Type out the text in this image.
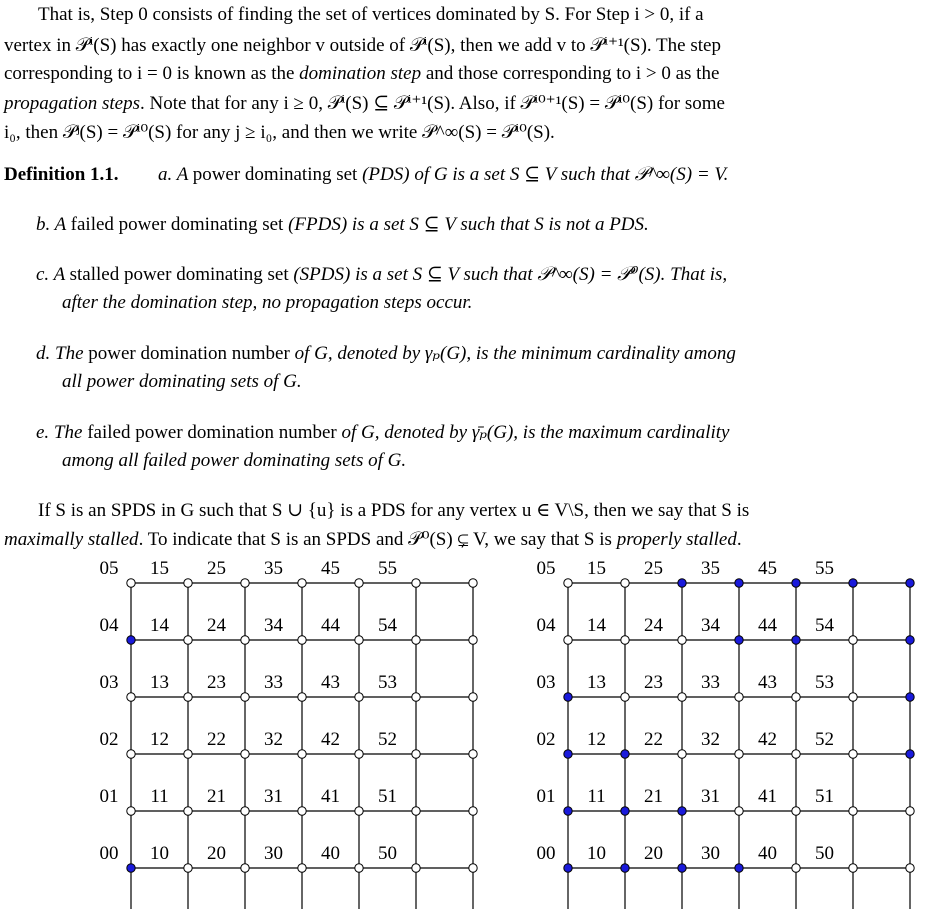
That is, Step 0 consists of finding the set of vertices dominated by S. For Step i > 0, if a

vertex in 𝒫ⁱ(S) has exactly one neighbor v outside of 𝒫ⁱ(S), then we add v to 𝒫ⁱ⁺¹(S). The step

corresponding to i = 0 is known as the domination step and those corresponding to i > 0 as the

propagation steps. Note that for any i ≥ 0, 𝒫ⁱ(S) ⊆ 𝒫ⁱ⁺¹(S). Also, if 𝒫ⁱ⁰⁺¹(S) = 𝒫ⁱ⁰(S) for some

i₀, then 𝒫ʲ(S) = 𝒫ⁱ⁰(S) for any j ≥ i₀, and then we write 𝒫^∞(S) = 𝒫ⁱ⁰(S).

Definition 1.1. a. A power dominating set (PDS) of G is a set S ⊆ V such that 𝒫^∞(S) = V.

b. A failed power dominating set (FPDS) is a set S ⊆ V such that S is not a PDS.

c. A stalled power dominating set (SPDS) is a set S ⊆ V such that 𝒫^∞(S) = 𝒫⁰(S). That is,

after the domination step, no propagation steps occur.

d. The power domination number of G, denoted by γₚ(G), is the minimum cardinality among

all power dominating sets of G.

e. The failed power domination number of G, denoted by γ̄ₚ(G), is the maximum cardinality

among all failed power dominating sets of G.

If S is an SPDS in G such that S ∪ {u} is a PDS for any vertex u ∈ V\S, then we say that S is

maximally stalled. To indicate that S is an SPDS and 𝒫⁰(S) ⊊ V, we say that S is properly stalled.

05 15 25 35 45 55
04 14 24 34 44 54
03 13 23 33 43 53
02 12 22 32 42 52
01 11 21 31 41 51
00 10 20 30 40 50
05 15 25 35 45 55
04 14 24 34 44 54
03 13 23 33 43 53
02 12 22 32 42 52
01 11 21 31 41 51
00 10 20 30 40 50
